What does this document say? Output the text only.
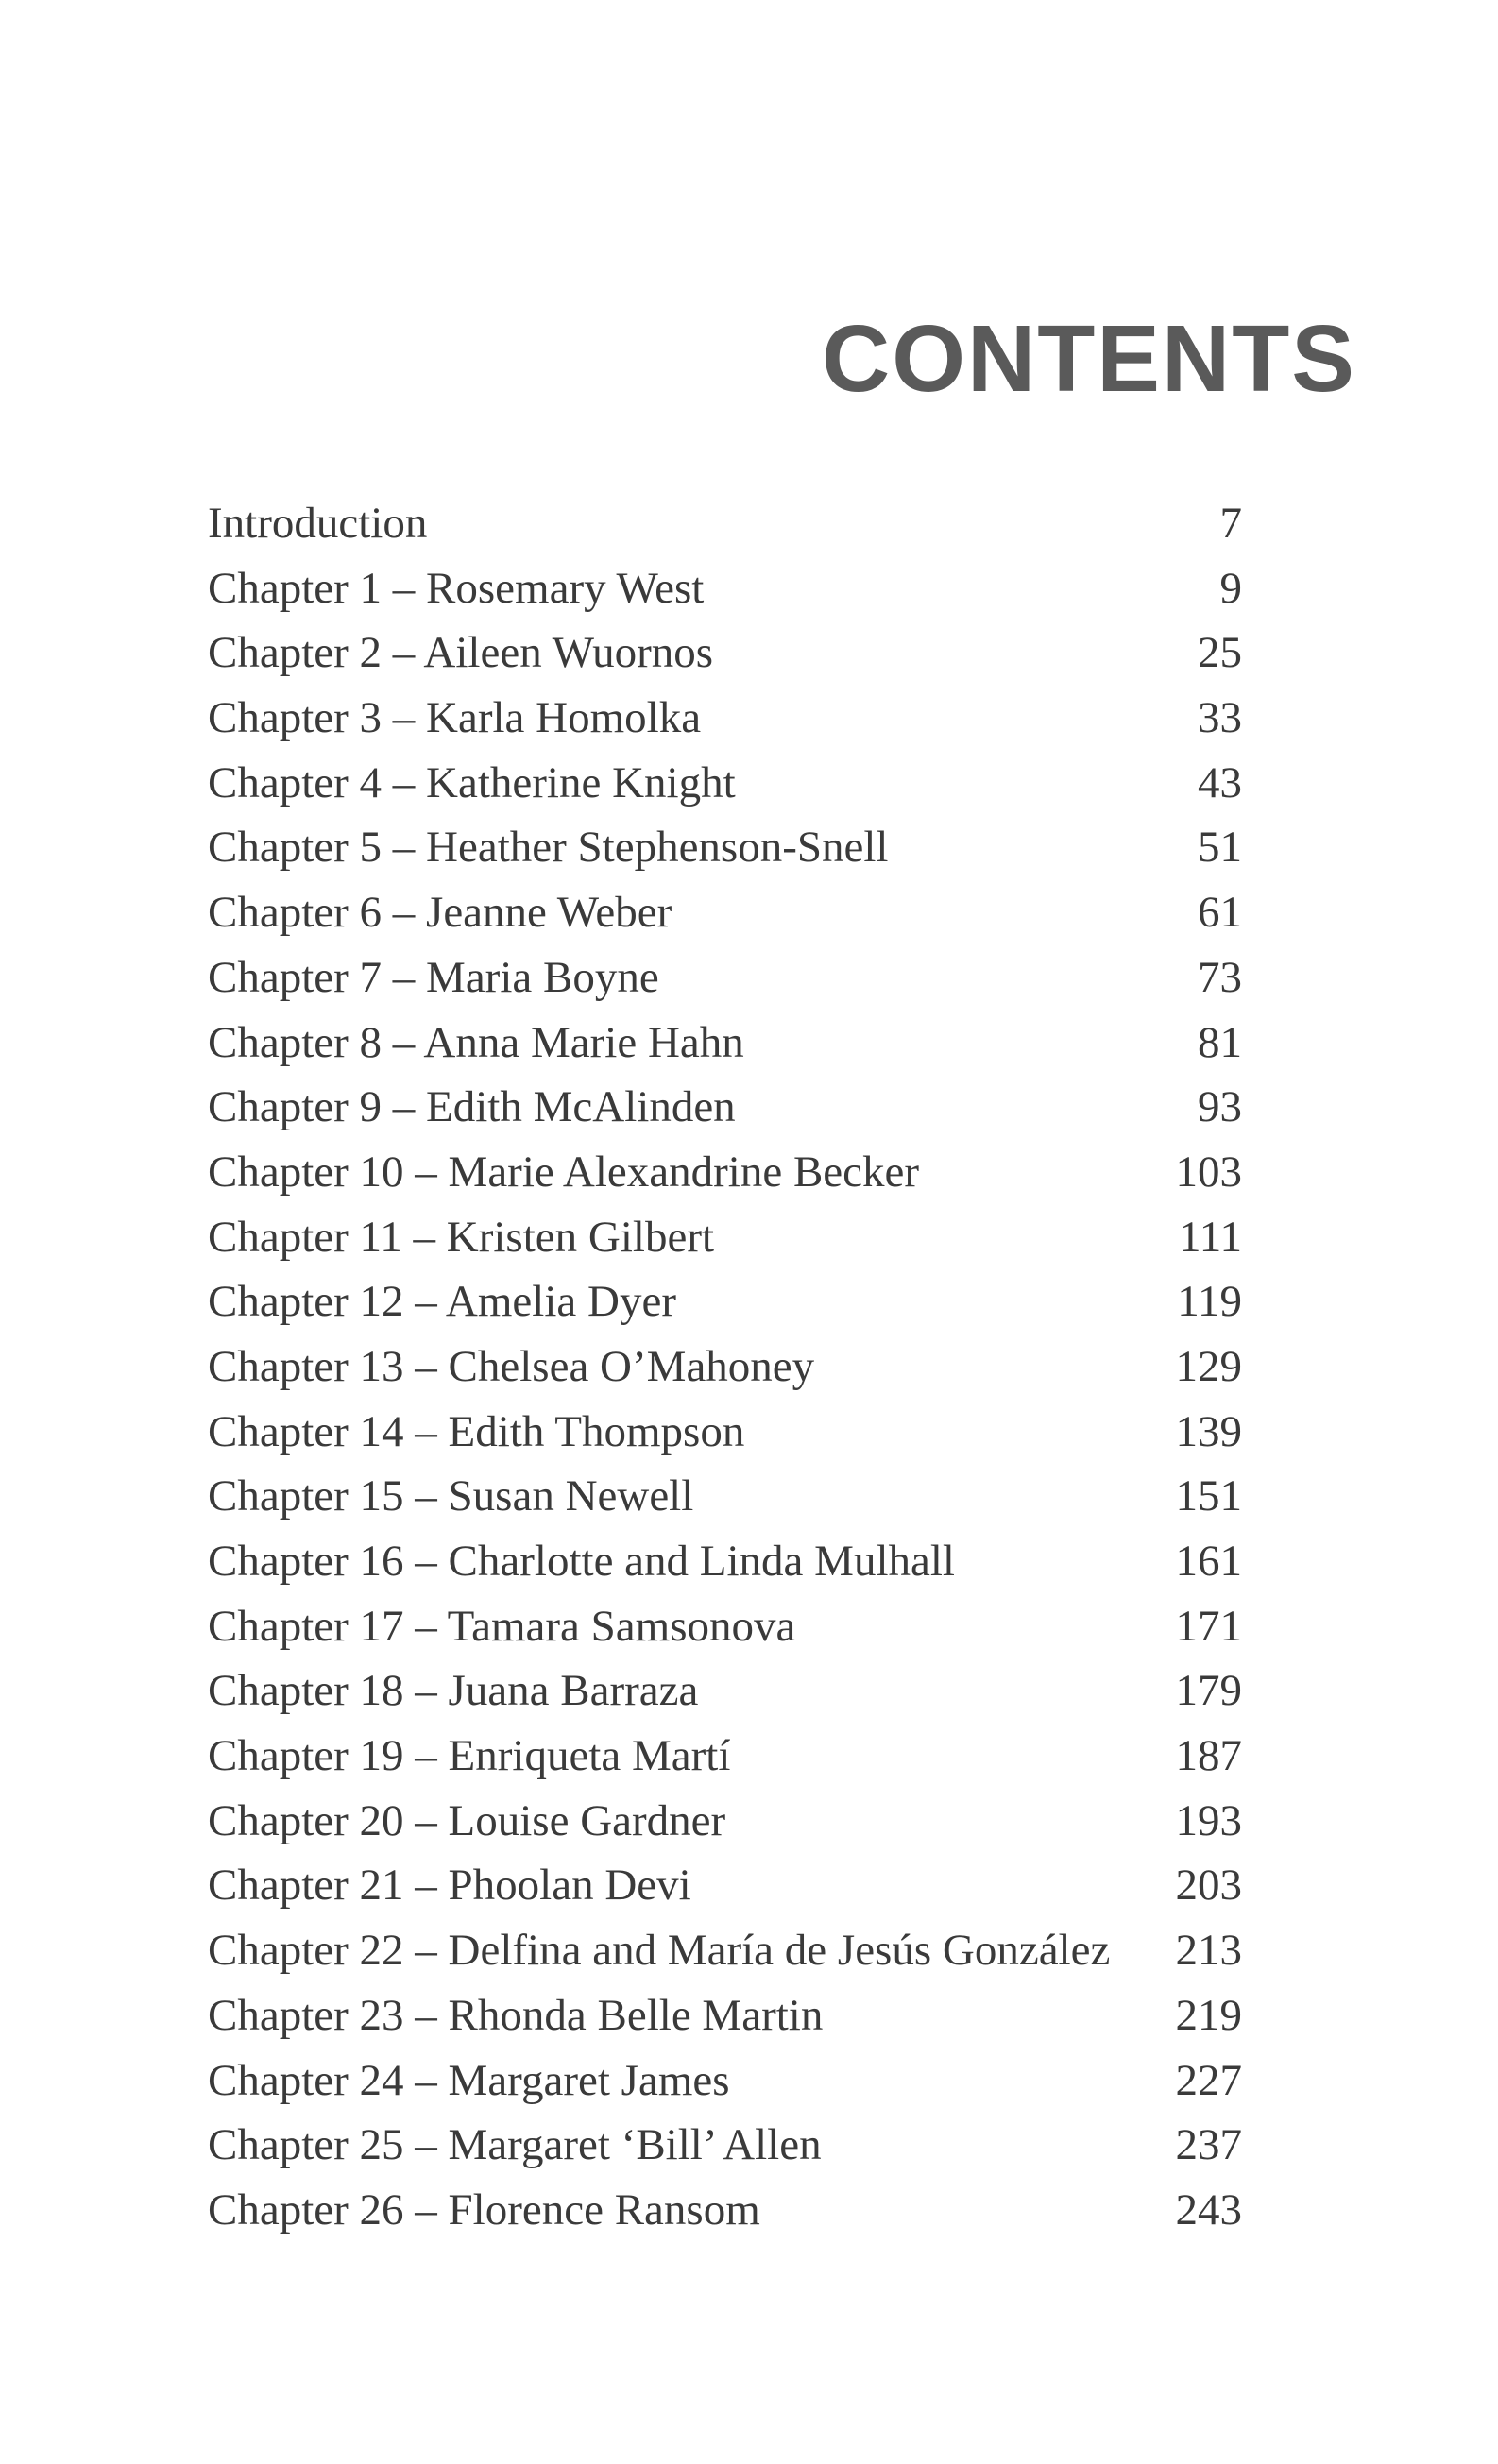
CONTENTS
Introduction	7
Chapter 1 – Rosemary West	9
Chapter 2 – Aileen Wuornos	25
Chapter 3 – Karla Homolka	33
Chapter 4 – Katherine Knight	43
Chapter 5 – Heather Stephenson-Snell	51
Chapter 6 – Jeanne Weber	61
Chapter 7 – Maria Boyne	73
Chapter 8 – Anna Marie Hahn	81
Chapter 9 – Edith McAlinden	93
Chapter 10 – Marie Alexandrine Becker	103
Chapter 11 – Kristen Gilbert	111
Chapter 12 – Amelia Dyer	119
Chapter 13 – Chelsea O’Mahoney	129
Chapter 14 – Edith Thompson	139
Chapter 15 – Susan Newell	151
Chapter 16 – Charlotte and Linda Mulhall	161
Chapter 17 – Tamara Samsonova	171
Chapter 18 – Juana Barraza	179
Chapter 19 – Enriqueta Martí	187
Chapter 20 – Louise Gardner	193
Chapter 21 – Phoolan Devi	203
Chapter 22 – Delfina and María de Jesús González	213
Chapter 23 – Rhonda Belle Martin	219
Chapter 24 – Margaret James	227
Chapter 25 – Margaret ‘Bill’ Allen	237
Chapter 26 – Florence Ransom	243
